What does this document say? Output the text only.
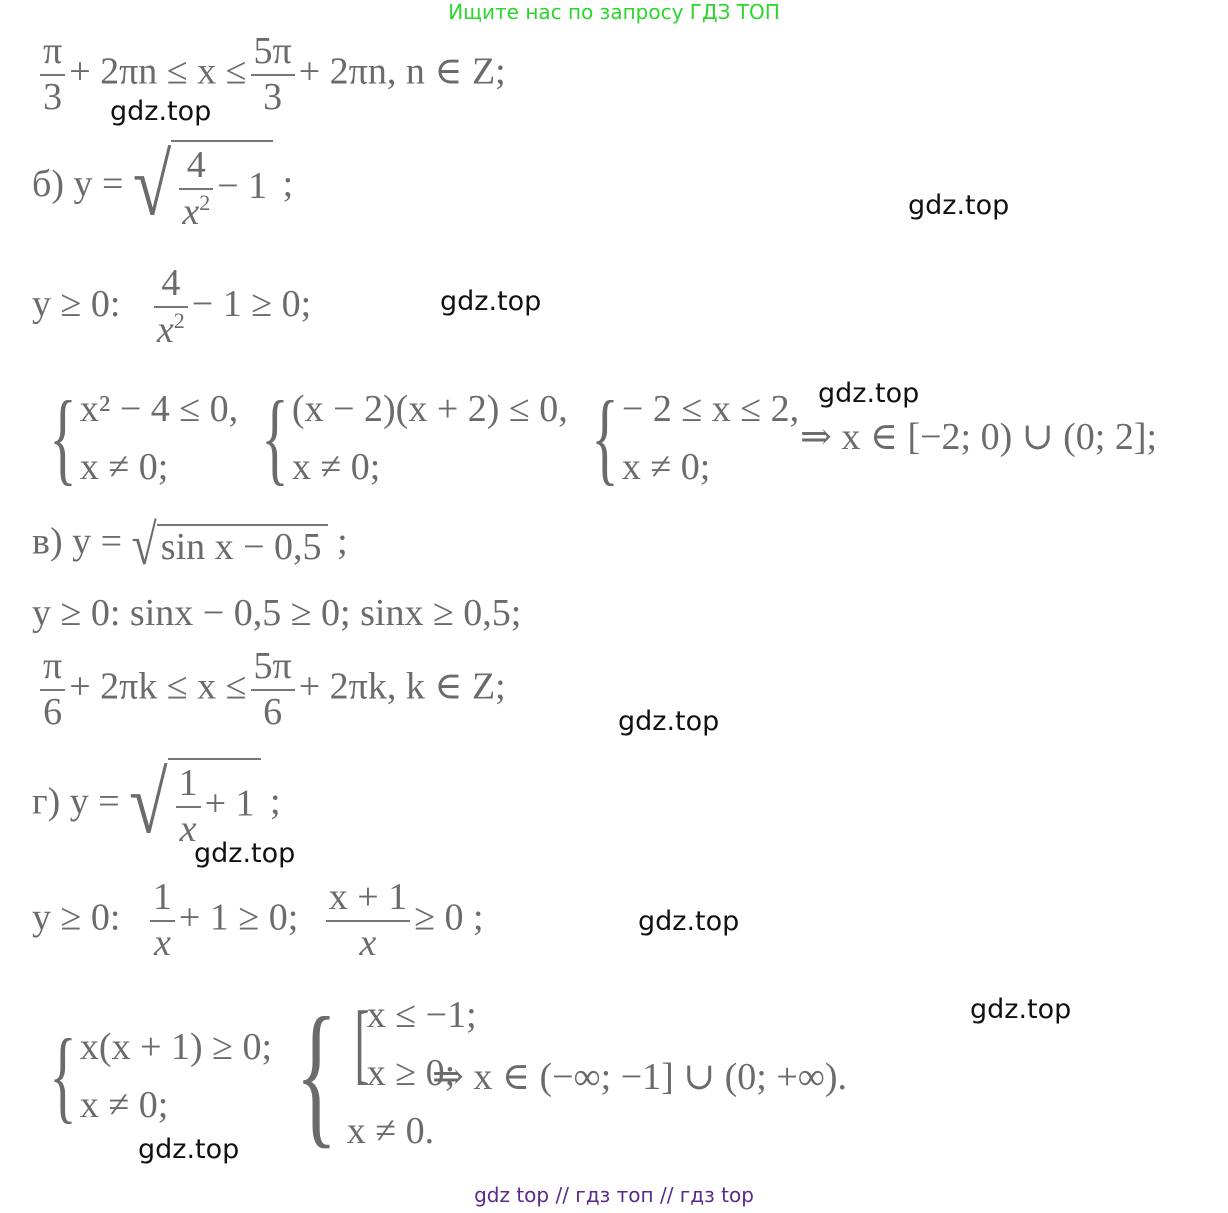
Ищите нас по запросу ГДЗ ТОП
$\frac{\pi}{3} + 2\pi n \le x \le \frac{5\pi}{3} + 2\pi n$, n ∈ Z;
б) y = √ $\frac{4}{x^2} - 1$ ;
y ≥ 0: $\frac{4}{x^2} - 1 \ge 0$;
{ x² − 4 ≤ 0,
x ≠ 0; { (x − 2)(x + 2) ≤ 0,
x ≠ 0;	{ − 2 ≤ x ≤ 2,
x ≠ 0;
⇒ x ∈ [−2; 0) ∪ (0; 2];
в) y = √ sin x − 0,5 ;
y ≥ 0: sinx − 0,5 ≥ 0; sinx ≥ 0,5;
$\frac{\pi}{6} + 2\pi k \le x \le \frac{5\pi}{6} + 2\pi k$, k ∈ Z;
г) y = √ $\frac{1}{x} + 1$ ;
y ≥ 0: $\frac{1}{x} + 1 \ge 0$; $\frac{x + 1}{x} \ge 0$ ;
{ x(x + 1) ≥ 0;
x ≠ 0; { [
x ≤ −1;
x ≥ 0;
x ≠ 0.
⇒ x ∈ (−∞; −1] ∪ (0; +∞).
gdz.top
gdz.top
gdz.top
gdz.top
gdz.top
gdz.top
gdz.top
gdz.top
gdz.top
gdz top // гдз топ // гдз top
